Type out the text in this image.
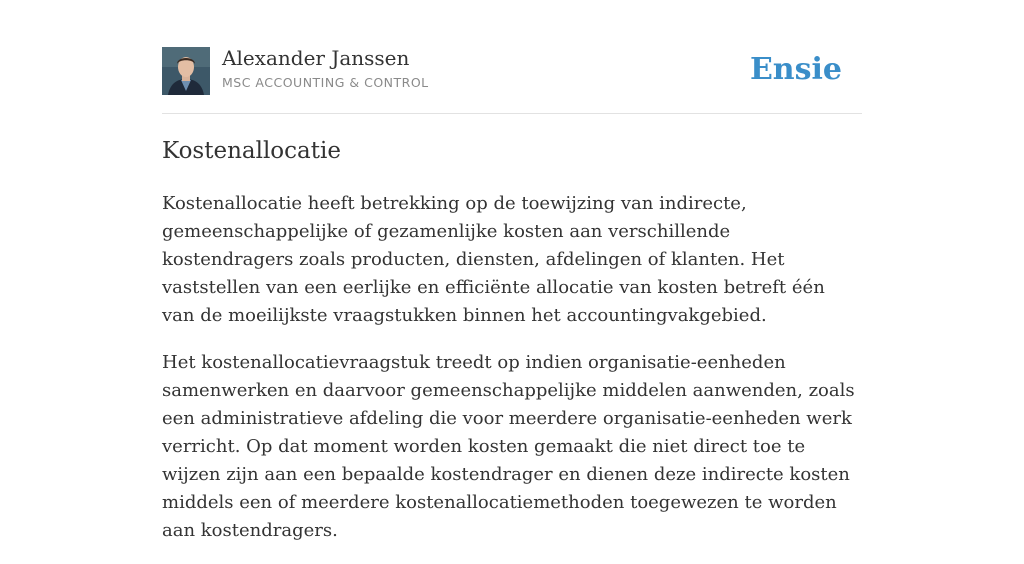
Alexander Janssen
MSC ACCOUNTING & CONTROL	Ensie
Kostenallocatie

Kostenallocatie heeft betrekking op de toewijzing van indirecte, gemeenschappelijke of gezamenlijke kosten aan verschillende kostendragers zoals producten, diensten, afdelingen of klanten. Het vaststellen van een eerlijke en efficiënte allocatie van kosten betreft één van de moeilijkste vraagstukken binnen het accountingvakgebied.

Het kostenallocatievraagstuk treedt op indien organisatie-eenheden samenwerken en daarvoor gemeenschappelijke middelen aanwenden, zoals een administratieve afdeling die voor meerdere organisatie-eenheden werk verricht. Op dat moment worden kosten gemaakt die niet direct toe te wijzen zijn aan een bepaalde kostendrager en dienen deze indirecte kosten middels een of meerdere kostenallocatiemethoden toegewezen te worden aan kostendragers.
